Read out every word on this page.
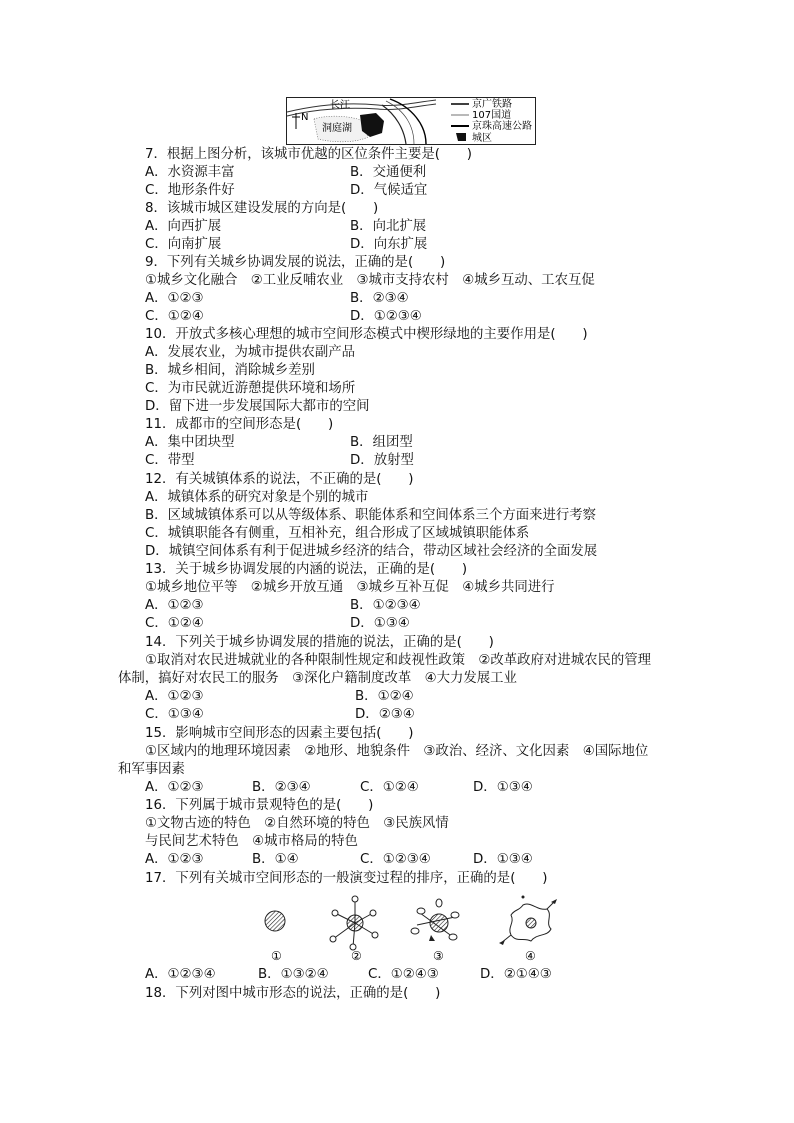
N
长江
洞庭湖
京广铁路
107国道
京珠高速公路
城区
7．根据上图分析，该城市优越的区位条件主要是(　　)
A．水资源丰富	B．交通便利
C．地形条件好	D．气候适宜
8．该城市城区建设发展的方向是(　　)
A．向西扩展	B．向北扩展
C．向南扩展	D．向东扩展
9．下列有关城乡协调发展的说法，正确的是(　　)
①城乡文化融合　②工业反哺农业　③城市支持农村　④城乡互动、工农互促
A．①②③	B．②③④
C．①②④	D．①②③④
10．开放式多核心理想的城市空间形态模式中楔形绿地的主要作用是(　　)
A．发展农业，为城市提供农副产品
B．城乡相间，消除城乡差别
C．为市民就近游憩提供环境和场所
D．留下进一步发展国际大都市的空间
11．成都市的空间形态是(　　)
A．集中团块型	B．组团型
C．带型	D．放射型
12．有关城镇体系的说法，不正确的是(　　)
A．城镇体系的研究对象是个别的城市
B．区域城镇体系可以从等级体系、职能体系和空间体系三个方面来进行考察
C．城镇职能各有侧重，互相补充，组合形成了区域城镇职能体系
D．城镇空间体系有利于促进城乡经济的结合，带动区域社会经济的全面发展
13．关于城乡协调发展的内涵的说法，正确的是(　　)
①城乡地位平等　②城乡开放互通　③城乡互补互促　④城乡共同进行
A．①②③	B．①②③④
C．①②④	D．①③④
14．下列关于城乡协调发展的措施的说法，正确的是(　　)
①取消对农民进城就业的各种限制性规定和歧视性政策　②改革政府对进城农民的管理
体制，搞好对农民工的服务　③深化户籍制度改革　④大力发展工业
A．①②③	B．①②④
C．①③④	D．②③④
15．影响城市空间形态的因素主要包括(　　)
①区域内的地理环境因素　②地形、地貌条件　③政治、经济、文化因素　④国际地位
和军事因素
A．①②③	B．②③④	C．①②④	D．①③④
16．下列属于城市景观特色的是(　　)
①文物古迹的特色　②自然环境的特色　③民族风情
与民间艺术特色　④城市格局的特色
A．①②③	B．①④	C．①②③④	D．①③④
17．下列有关城市空间形态的一般演变过程的排序，正确的是(　　)
①	②	③	④
A．①②③④	B．①③②④	C．①②④③	D．②①④③
18．下列对图中城市形态的说法，正确的是(　　)
